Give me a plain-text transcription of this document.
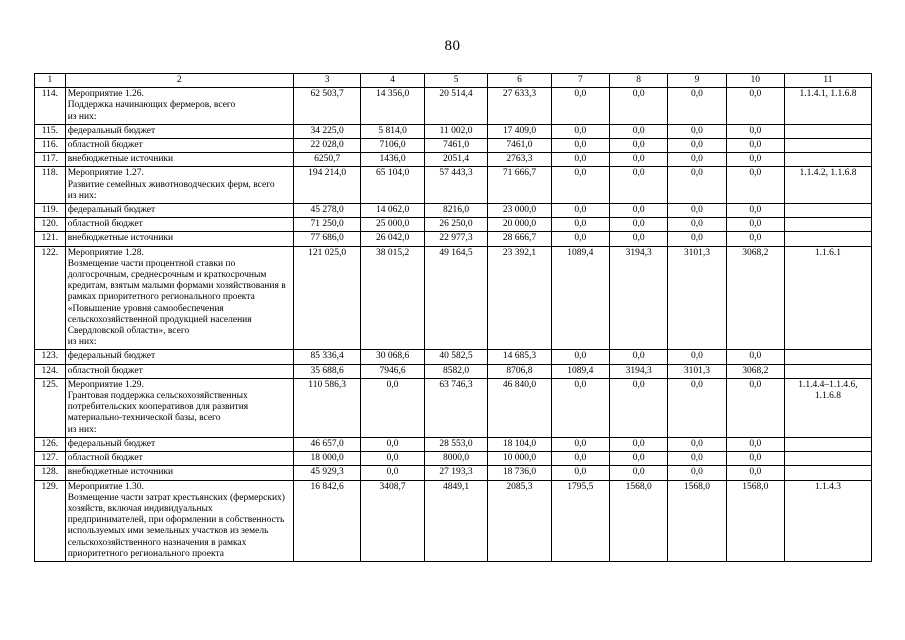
80
1	2	3	4	5	6	7	8	9	10	11
114.	Мероприятие 1.26.
Поддержка начинающих фермеров, всего
из них:	62 503,7	14 356,0	20 514,4	27 633,3	0,0	0,0	0,0	0,0	1.1.4.1, 1.1.6.8

115.	федеральный бюджет	34 225,0	5 814,0	11 002,0	17 409,0	0,0	0,0	0,0	0,0	

116.	областной бюджет	22 028,0	7106,0	7461,0	7461,0	0,0	0,0	0,0	0,0	

117.	внебюджетные источники	6250,7	1436,0	2051,4	2763,3	0,0	0,0	0,0	0,0	

118.	Мероприятие 1.27.
Развитие семейных животноводческих ферм, всего
из них:	194 214,0	65 104,0	57 443,3	71 666,7	0,0	0,0	0,0	0,0	1.1.4.2, 1.1.6.8

119.	федеральный бюджет	45 278,0	14 062,0	8216,0	23 000,0	0,0	0,0	0,0	0,0	

120.	областной бюджет	71 250,0	25 000,0	26 250,0	20 000,0	0,0	0,0	0,0	0,0	

121.	внебюджетные источники	77 686,0	26 042,0	22 977,3	28 666,7	0,0	0,0	0,0	0,0	

122.	Мероприятие 1.28.
Возмещение части процентной ставки по долгосрочным, среднесрочным и краткосрочным кредитам, взятым малыми формами хозяйствования в рамках приоритетного регионального проекта «Повышение уровня самообеспечения сельскохозяйственной продукцией населения Свердловской области», всего
из них:	121 025,0	38 015,2	49 164,5	23 392,1	1089,4	3194,3	3101,3	3068,2	1.1.6.1

123.	федеральный бюджет	85 336,4	30 068,6	40 582,5	14 685,3	0,0	0,0	0,0	0,0	

124.	областной бюджет	35 688,6	7946,6	8582,0	8706,8	1089,4	3194,3	3101,3	3068,2	

125.	Мероприятие 1.29.
Грантовая поддержка сельскохозяйственных потребительских кооперативов для развития материально-технической базы, всего
из них:	110 586,3	0,0	63 746,3	46 840,0	0,0	0,0	0,0	0,0	1.1.4.4–1.1.4.6,
1.1.6.8

126.	федеральный бюджет	46 657,0	0,0	28 553,0	18 104,0	0,0	0,0	0,0	0,0	

127.	областной бюджет	18 000,0	0,0	8000,0	10 000,0	0,0	0,0	0,0	0,0	

128.	внебюджетные источники	45 929,3	0,0	27 193,3	18 736,0	0,0	0,0	0,0	0,0	

129.	Мероприятие 1.30.
Возмещение части затрат крестьянских (фермерских) хозяйств, включая индивидуальных предпринимателей, при оформлении в собственность используемых ими земельных участков из земель сельскохозяйственного назначения в рамках приоритетного регионального проекта	16 842,6	3408,7	4849,1	2085,3	1795,5	1568,0	1568,0	1568,0	1.1.4.3
